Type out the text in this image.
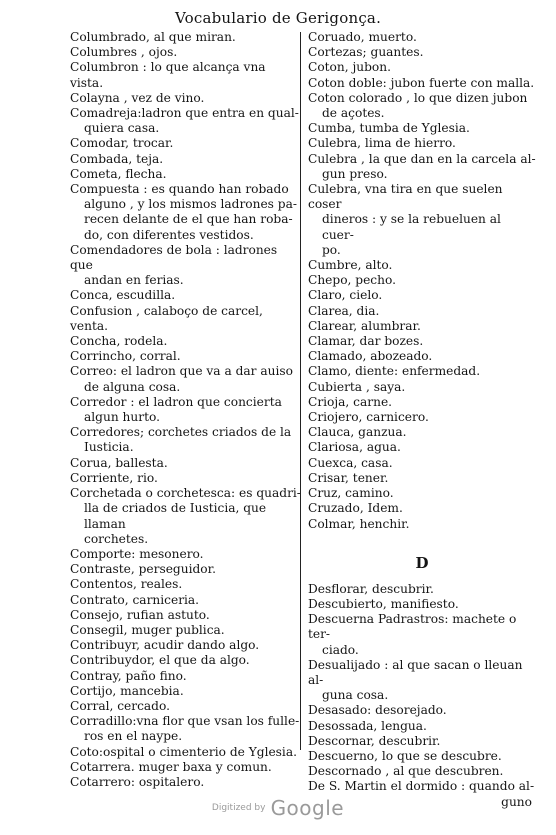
Vocabulario de Gerigonça.
Columbrado, al que miran.
Columbres , ojos.
Columbron : lo que alcança vna vista.
Colayna , vez de vino.
Comadreja:ladron que entra en qual-
quiera casa.
Comodar, trocar.
Combada, teja.
Cometa, flecha.
Compuesta : es quando han robado
alguno , y los mismos ladrones pa-
recen delante de el que han roba-
do, con diferentes vestidos.
Comendadores de bola : ladrones que
andan en ferias.
Conca, escudilla.
Confusion , calaboço de carcel, venta.
Concha, rodela.
Corrincho, corral.
Correo: el ladron que va a dar auiso
de alguna cosa.
Corredor : el ladron que concierta
algun hurto.
Corredores; corchetes criados de la
Iusticia.
Corua, ballesta.
Corriente, rio.
Corchetada o corchetesca: es quadri-
lla de criados de Iusticia, que llaman
corchetes.
Comporte: mesonero.
Contraste, perseguidor.
Contentos, reales.
Contrato, carniceria.
Consejo, rufian astuto.
Consegil, muger publica.
Contribuyr, acudir dando algo.
Contribuydor, el que da algo.
Contray, paño fino.
Cortijo, mancebia.
Corral, cercado.
Corradillo:vna flor que vsan los fulle-
ros en el naype.
Coto:ospital o cimenterio de Yglesia.
Cotarrera. muger baxa y comun.
Cotarrero: ospitalero.
Coruado, muerto.
Cortezas; guantes.
Coton, jubon.
Coton doble: jubon fuerte con malla.
Coton colorado , lo que dizen jubon
de açotes.
Cumba, tumba de Yglesia.
Culebra, lima de hierro.
Culebra , la que dan en la carcela al-
gun preso.
Culebra, vna tira en que suelen coser
dineros : y se la rebueluen al cuer-
po.
Cumbre, alto.
Chepo, pecho.
Claro, cielo.
Clarea, dia.
Clarear, alumbrar.
Clamar, dar bozes.
Clamado, abozeado.
Clamo, diente: enfermedad.
Cubierta , saya.
Crioja, carne.
Criojero, carnicero.
Clauca, ganzua.
Clariosa, agua.
Cuexca, casa.
Crisar, tener.
Cruz, camino.
Cruzado, Idem.
Colmar, henchir.
D
Desflorar, descubrir.
Descubierto, manifiesto.
Descuerna Padrastros: machete o ter-
ciado.
Desualijado : al que sacan o lleuan al-
guna cosa.
Desasado: desorejado.
Desossada, lengua.
Descornar, descubrir.
Descuerno, lo que se descubre.
Descornado , al que descubren.
De S. Martin el dormido : quando al-
guno
Digitized by Google
